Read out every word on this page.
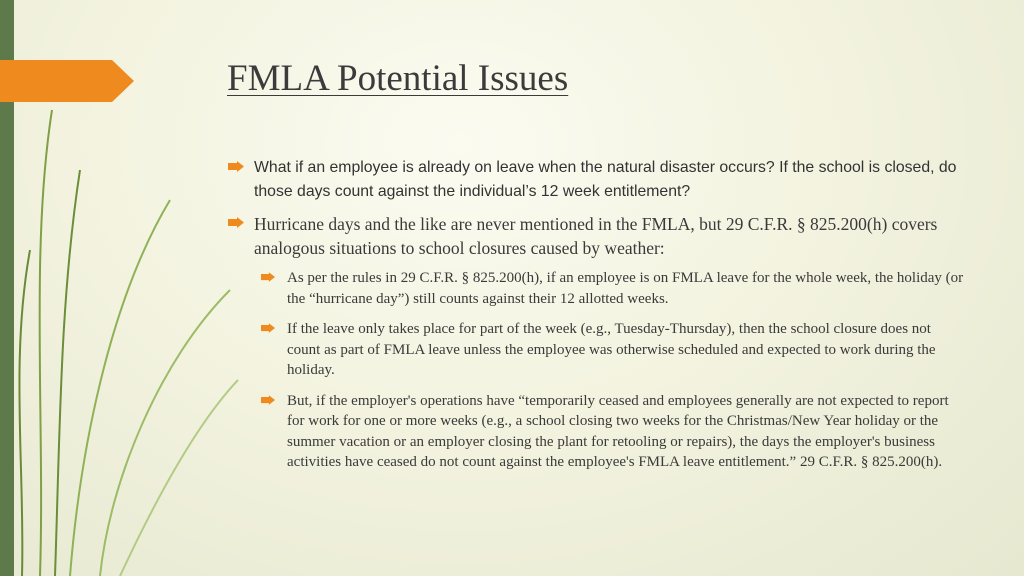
FMLA Potential Issues
What if an employee is already on leave when the natural disaster occurs? If the school is closed, do those days count against the individual’s 12 week entitlement?
Hurricane days and the like are never mentioned in the FMLA, but 29 C.F.R. § 825.200(h) covers analogous situations to school closures caused by weather:
As per the rules in 29 C.F.R. § 825.200(h), if an employee is on FMLA leave for the whole week, the holiday (or the “hurricane day”) still counts against their 12 allotted weeks.
If the leave only takes place for part of the week (e.g., Tuesday-Thursday), then the school closure does not count as part of FMLA leave unless the employee was otherwise scheduled and expected to work during the holiday.
But, if the employer's operations have “temporarily ceased and employees generally are not expected to report for work for one or more weeks (e.g., a school closing two weeks for the Christmas/New Year holiday or the summer vacation or an employer closing the plant for retooling or repairs), the days the employer's business activities have ceased do not count against the employee's FMLA leave entitlement.” 29 C.F.R. § 825.200(h).
